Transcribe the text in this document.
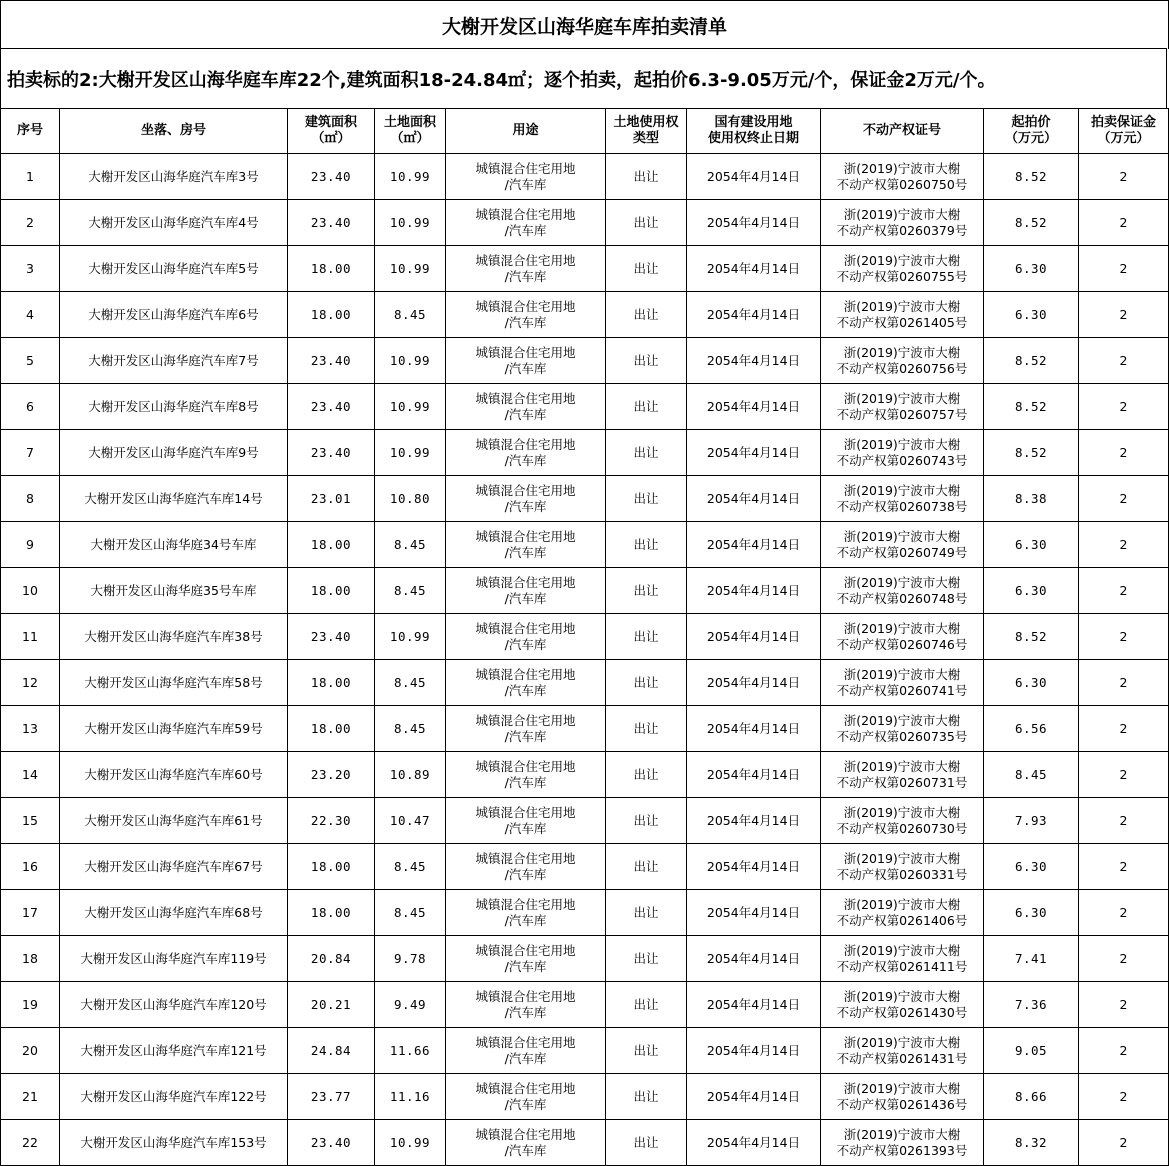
大榭开发区山海华庭车库拍卖清单
拍卖标的2:大榭开发区山海华庭车库22个,建筑面积18-24.84㎡；逐个拍卖，起拍价6.3-9.05万元/个，保证金2万元/个。
序号	坐落、房号	建筑面积
（㎡）	土地面积
（㎡）	用途	土地使用权
类型	国有建设用地
使用权终止日期	不动产权证号	起拍价
（万元）	拍卖保证金
（万元）

1	大榭开发区山海华庭汽车库3号	23.40	10.99	城镇混合住宅用地
/汽车库	出让	2054年4月14日	浙(2019)宁波市大榭
不动产权第0260750号	8.52	2
2	大榭开发区山海华庭汽车库4号	23.40	10.99	城镇混合住宅用地
/汽车库	出让	2054年4月14日	浙(2019)宁波市大榭
不动产权第0260379号	8.52	2
3	大榭开发区山海华庭汽车库5号	18.00	10.99	城镇混合住宅用地
/汽车库	出让	2054年4月14日	浙(2019)宁波市大榭
不动产权第0260755号	6.30	2
4	大榭开发区山海华庭汽车库6号	18.00	8.45	城镇混合住宅用地
/汽车库	出让	2054年4月14日	浙(2019)宁波市大榭
不动产权第0261405号	6.30	2
5	大榭开发区山海华庭汽车库7号	23.40	10.99	城镇混合住宅用地
/汽车库	出让	2054年4月14日	浙(2019)宁波市大榭
不动产权第0260756号	8.52	2
6	大榭开发区山海华庭汽车库8号	23.40	10.99	城镇混合住宅用地
/汽车库	出让	2054年4月14日	浙(2019)宁波市大榭
不动产权第0260757号	8.52	2
7	大榭开发区山海华庭汽车库9号	23.40	10.99	城镇混合住宅用地
/汽车库	出让	2054年4月14日	浙(2019)宁波市大榭
不动产权第0260743号	8.52	2
8	大榭开发区山海华庭汽车库14号	23.01	10.80	城镇混合住宅用地
/汽车库	出让	2054年4月14日	浙(2019)宁波市大榭
不动产权第0260738号	8.38	2
9	大榭开发区山海华庭34号车库	18.00	8.45	城镇混合住宅用地
/汽车库	出让	2054年4月14日	浙(2019)宁波市大榭
不动产权第0260749号	6.30	2
10	大榭开发区山海华庭35号车库	18.00	8.45	城镇混合住宅用地
/汽车库	出让	2054年4月14日	浙(2019)宁波市大榭
不动产权第0260748号	6.30	2
11	大榭开发区山海华庭汽车库38号	23.40	10.99	城镇混合住宅用地
/汽车库	出让	2054年4月14日	浙(2019)宁波市大榭
不动产权第0260746号	8.52	2
12	大榭开发区山海华庭汽车库58号	18.00	8.45	城镇混合住宅用地
/汽车库	出让	2054年4月14日	浙(2019)宁波市大榭
不动产权第0260741号	6.30	2
13	大榭开发区山海华庭汽车库59号	18.00	8.45	城镇混合住宅用地
/汽车库	出让	2054年4月14日	浙(2019)宁波市大榭
不动产权第0260735号	6.56	2
14	大榭开发区山海华庭汽车库60号	23.20	10.89	城镇混合住宅用地
/汽车库	出让	2054年4月14日	浙(2019)宁波市大榭
不动产权第0260731号	8.45	2
15	大榭开发区山海华庭汽车库61号	22.30	10.47	城镇混合住宅用地
/汽车库	出让	2054年4月14日	浙(2019)宁波市大榭
不动产权第0260730号	7.93	2
16	大榭开发区山海华庭汽车库67号	18.00	8.45	城镇混合住宅用地
/汽车库	出让	2054年4月14日	浙(2019)宁波市大榭
不动产权第0260331号	6.30	2
17	大榭开发区山海华庭汽车库68号	18.00	8.45	城镇混合住宅用地
/汽车库	出让	2054年4月14日	浙(2019)宁波市大榭
不动产权第0261406号	6.30	2
18	大榭开发区山海华庭汽车库119号	20.84	9.78	城镇混合住宅用地
/汽车库	出让	2054年4月14日	浙(2019)宁波市大榭
不动产权第0261411号	7.41	2
19	大榭开发区山海华庭汽车库120号	20.21	9.49	城镇混合住宅用地
/汽车库	出让	2054年4月14日	浙(2019)宁波市大榭
不动产权第0261430号	7.36	2
20	大榭开发区山海华庭汽车库121号	24.84	11.66	城镇混合住宅用地
/汽车库	出让	2054年4月14日	浙(2019)宁波市大榭
不动产权第0261431号	9.05	2
21	大榭开发区山海华庭汽车库122号	23.77	11.16	城镇混合住宅用地
/汽车库	出让	2054年4月14日	浙(2019)宁波市大榭
不动产权第0261436号	8.66	2
22	大榭开发区山海华庭汽车库153号	23.40	10.99	城镇混合住宅用地
/汽车库	出让	2054年4月14日	浙(2019)宁波市大榭
不动产权第0261393号	8.32	2
